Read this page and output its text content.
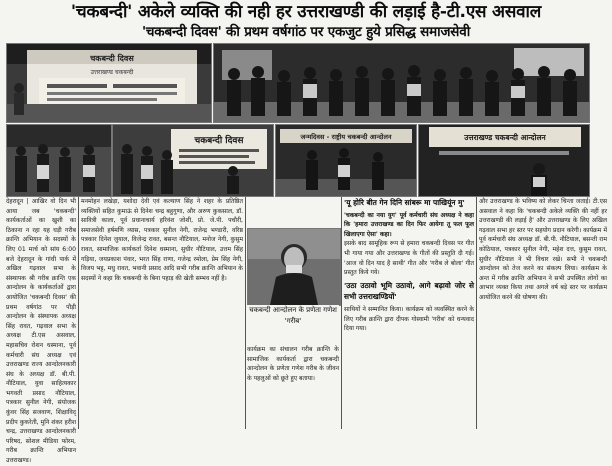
'चकबन्दी' अकेले व्यक्ति की नही हर उत्तराखण्डी की लड़ाई है-टी.एस असवाल
'चकबन्दी दिवस' की प्रथम वर्षगांठ पर एकजुट हुये प्रसिद्ध समाजसेवी
चकबन्दी दिवस
उत्तराखण्ड चकबन्दी
चकबन्दी दिवस	जन्मदिवस - राष्ट्रीय चकबन्दी आन्दोलन	उत्तराखण्ड चकबन्दी आन्दोलन

देहरादून | आखिर वो दिन भी आया जब 'चकबन्दी' कार्यकर्ताओं का खुशी का ठिकाना न रहा यह घड़ी गरीब क्रान्ति अभियान के सदस्यों के लिए 01 मार्च को सांय 6:00 बजे देहरादून के गांधी पार्क में अखिल गढ़वाल सभा के संस्थापक श्री गरीब क्रान्ति एक आन्दोलन के कार्यकर्ताओं द्वारा आयोजित 'चकबन्दी दिवस' की प्रथम वर्षगांठ पर पौड़ी आन्दोलन के संस्थापक अध्यक्ष सिंह रावत, गढ़वाल सभा के अध्यक्ष टी.एस असवाल, महासचिव रोशन धस्माना, पूर्व कर्मचारी संघ अध्यक्ष एवं उत्तराखण्ड राज्य आन्दोलनकारी संघ के अध्यक्ष डॉ. बी.पी. नौटियाल, युवा साहित्यकार भगवती प्रसाद नौटियाल, पत्रकार सुनील नेगी, संयोजक कुंवर सिंह सजवाण, शिक्षाविद् प्रदीप कुकरेती, मुनि शंकर हरीश चन्द्र, उत्तराखण्ड आन्दोलनकारी परिषद, सोशल मीडिया फोरम, गरीब क्रान्ति अभियान उत्तराखण्ड।

मनमोहन लखेड़ा, यशोदा देवी एवं कल्याण सिंह ने शहर के प्रतिष्ठित व्यक्तियों सहित कुमाऊं से दिनेश चन्द्र बहुगुणा, और अरुण कुकसाल, डॉ. सावित्री काला, पूर्व प्रधानाचार्य हरिवंश जोशी, प्रो. जे.पी. पचौरी, समाजसेवी हर्षमणि व्यास, पत्रकार सुनील नेगी, राजेन्द्र भण्डारी, वरिष्ठ पत्रकार दिनेश जुयाल, विजेन्द्र रावत, बसन्त नौटियाल, मनोज नेगी, कुसुम रावत, सामाजिक कार्यकर्ता दिनेश धस्माना, सुधीर नौटियाल, उत्तम सिंह गड़िया, जयप्रकाश पंवार, भरत सिंह राणा, गजेन्द्र रमोला, प्रेम सिंह नेगी, विजय भट्ट, मधु रावत, भवानी प्रसाद आदि सभी गरीब क्रान्ति अभियान के सदस्यों ने कहा कि चकबन्दी के बिना पहाड़ की खेती सम्भव नहीं है।

चकबन्दी आन्दोलन के प्रणेता गणेश 'गरीब'

कार्यक्रम का संचालन गरीब क्रान्ति के सामाजिक कार्यकर्ता द्वारा चकबन्दी आन्दोलन के प्रणेता गणेश गरीब के जीवन के पहलुओं को छूते हुए बताया।

'यू होरि बीत गेन दिनि सांबरू मा पाखियूंन मु'

'चकबन्दी का नया युग' पूर्व कर्मचारी संघ अध्यक्ष ने कहा कि 'हमारा उत्तराखण्ड का दिन फिर आयेगा तू फल फूल खिलाएगा ऐसा' कहा।

इसके बाद सामूहिक रूप से हमारा चकबन्दी दिवस पर गीत भी गाया गया और उत्तराखण्ड के गीतों की प्रस्तुति दी गई। 'आज वो दिन याद है साथी' गीत और 'गरीब ले बोला' गीत प्रस्तुत किये गये।

'उठा उठावो भूमि उठावो, आगे बढ़ावो जोर से सभी उत्तराखण्डियों'

साथियों ने सम्मानित किया। कार्यक्रम को व्यवस्थित करने के लिए गरीब क्रान्ति द्वारा दीपक गोस्वामी 'गरीब' को धन्यवाद दिया गया।

और उत्तराखण्ड के भविष्य को लेकर चिन्ता जताई। टी.एस असवाल ने कहा कि 'चकबन्दी अकेले व्यक्ति की नहीं हर उत्तराखण्डी की लड़ाई है' और उत्तराखण्ड के लिए अखिल गढ़वाल सभा हर स्तर पर सहयोग प्रदान करेगी। कार्यक्रम में पूर्व कर्मचारी संघ अध्यक्ष डॉ. बी.पी. नौटियाल, बसन्ती राम कोठियाल, पत्रकार सुनील नेगी, महेश दत्त, कुसुम रावत, सुधीर नौटियाल ने भी विचार रखे। सभी ने चकबन्दी आन्दोलन को तेज करने का संकल्प लिया। कार्यक्रम के अन्त में गरीब क्रान्ति अभियान ने सभी उपस्थित लोगों का आभार व्यक्त किया तथा अगले वर्ष बड़े स्तर पर कार्यक्रम आयोजित करने की घोषणा की।
